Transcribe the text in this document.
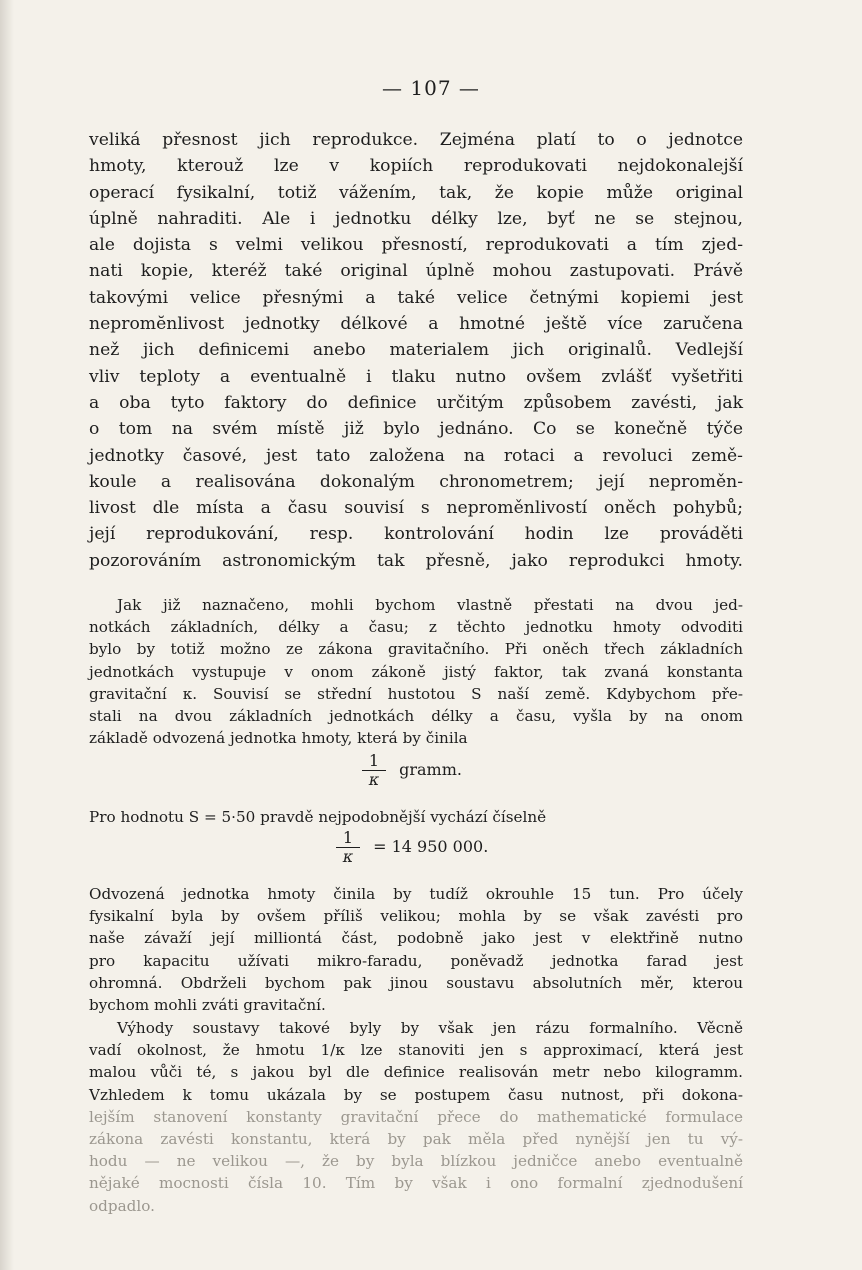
— 107 —
veliká přesnost jich reprodukce. Zejména platí to o jednotce
hmoty, kterouž lze v kopiích reprodukovati nejdokonalejší
operací fysikalní, totiž vážením, tak, že kopie může original
úplně nahraditi. Ale i jednotku délky lze, byť ne se stejnou,
ale dojista s velmi velikou přesností, reprodukovati a tím zjed-
nati kopie, kteréž také original úplně mohou zastupovati. Právě
takovými velice přesnými a také velice četnými kopiemi jest
nepromĕnlivost jednotky délkové a hmotné ještě více zaručena
než jich definicemi anebo materialem jich originalů. Vedlejší
vliv teploty a eventualně i tlaku nutno ovšem zvlášť vyšetřiti
a oba tyto faktory do definice určitým způsobem zavésti, jak
o tom na svém místě již bylo jednáno. Co se konečně týče
jednotky časové, jest tato založena na rotaci a revoluci země-
koule a realisována dokonalým chronometrem; její neproměn-
livost dle místa a času souvisí s neproměnlivostí oněch pohybů;
její reprodukování, resp. kontrolování hodin lze prováděti
pozorováním astronomickým tak přesně, jako reprodukci hmoty.
Jak již naznačeno, mohli bychom vlastně přestati na dvou jed-
notkách základních, délky a času; z těchto jednotku hmoty odvoditi
bylo by totiž možno ze zákona gravitačního. Při oněch třech základních
jednotkách vystupuje v onom zákoně jistý faktor, tak zvaná konstanta
gravitační κ. Souvisí se střední hustotou S naší země. Kdybychom pře-
stali na dvou základních jednotkách délky a času, vyšla by na onom
základě odvozená jednotka hmoty, která by činila
$\frac{1}{\kappa}$ gramm.
Pro hodnotu S = 5·50 pravdě nejpodobnější vychází číselně
$\frac{1}{\kappa} = 14$ 950 000.
Odvozená jednotka hmoty činila by tudíž okrouhle 15 tun. Pro účely
fysikalní byla by ovšem příliš velikou; mohla by se však zavésti pro
naše závaží její milliontá část, podobně jako jest v elektřině nutno
pro kapacitu užívati mikro-faradu, poněvadž jednotka farad jest
ohromná. Obdrželi bychom pak jinou soustavu absolutních měr, kterou
bychom mohli zváti gravitační.
Výhody soustavy takové byly by však jen rázu formalního. Věcně
vadí okolnost, že hmotu 1/κ lze stanoviti jen s approximací, která jest
malou vůči té, s jakou byl dle definice realisován metr nebo kilogramm.
Vzhledem k tomu ukázala by se postupem času nutnost, při dokona-
lejším stanovení konstanty gravitační přece do mathematické formulace
zákona zavésti konstantu, která by pak měla před nynější jen tu vý-
hodu — ne velikou —, že by byla blízkou jedničce anebo eventualně
nějaké mocnosti čísla 10. Tím by však i ono formalní zjednodušení
odpadlo.
